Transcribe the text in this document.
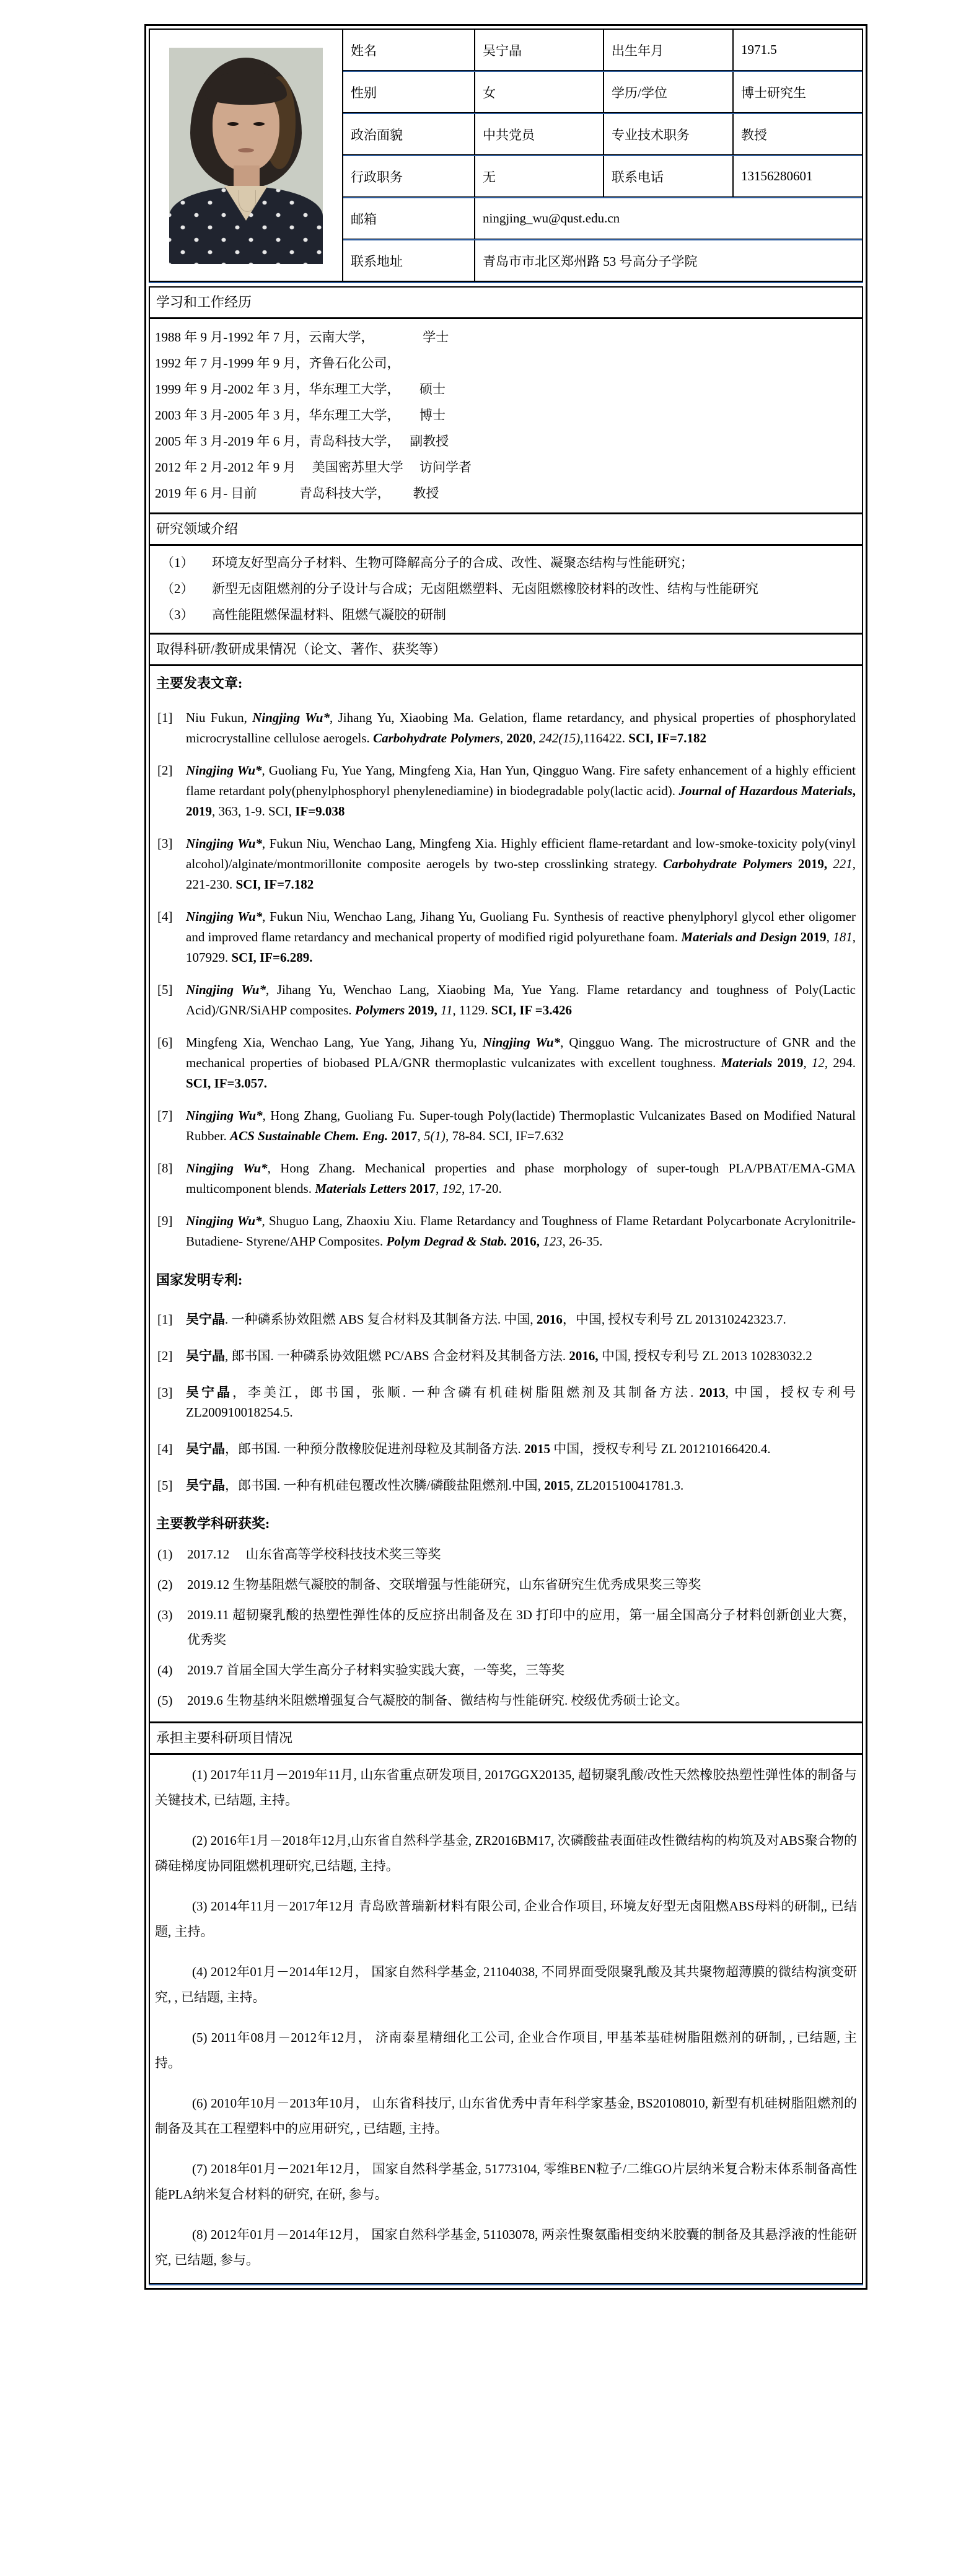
姓名	吴宁晶	出生年月	1971.5
性别	女	学历/学位	博士研究生
政治面貌	中共党员	专业技术职务	教授
行政职务	无	联系电话	13156280601
邮箱	ningjing_wu@qust.edu.cn
联系地址	青岛市市北区郑州路 53 号高分子学院
学习和工作经历
1988 年 9 月-1992 年 7 月，云南大学，　　　　 学士
1992 年 7 月-1999 年 9 月，齐鲁石化公司，
1999 年 9 月-2002 年 3 月，华东理工大学，　　硕士
2003 年 3 月-2005 年 3 月，华东理工大学，　　博士
2005 年 3 月-2019 年 6 月，青岛科技大学，　 副教授
2012 年 2 月-2012 年 9 月　 美国密苏里大学　 访问学者
2019 年 6 月- 目前　　　 青岛科技大学，　　 教授
研究领域介绍
（1） 环境友好型高分子材料、生物可降解高分子的合成、改性、凝聚态结构与性能研究；
（2） 新型无卤阻燃剂的分子设计与合成；无卤阻燃塑料、无卤阻燃橡胶材料的改性、结构与性能研究
（3） 高性能阻燃保温材料、阻燃气凝胶的研制
取得科研/教研成果情况（论文、著作、获奖等）
主要发表文章:
[1] Niu Fukun, Ningjing Wu*, Jihang Yu, Xiaobing Ma. Gelation, flame retardancy, and physical properties of phosphorylated microcrystalline cellulose aerogels. Carbohydrate Polymers, 2020, 242(15),116422. SCI, IF=7.182
[2] Ningjing Wu*, Guoliang Fu, Yue Yang, Mingfeng Xia, Han Yun, Qingguo Wang. Fire safety enhancement of a highly efficient flame retardant poly(phenylphosphoryl phenylenediamine) in biodegradable poly(lactic acid). Journal of Hazardous Materials, 2019, 363, 1-9. SCI, IF=9.038
[3] Ningjing Wu*, Fukun Niu, Wenchao Lang, Mingfeng Xia. Highly efficient flame-retardant and low-smoke-toxicity poly(vinyl alcohol)/alginate/montmorillonite composite aerogels by two-step crosslinking strategy. Carbohydrate Polymers 2019, 221, 221-230. SCI, IF=7.182
[4] Ningjing Wu*, Fukun Niu, Wenchao Lang, Jihang Yu, Guoliang Fu. Synthesis of reactive phenylphoryl glycol ether oligomer and improved flame retardancy and mechanical property of modified rigid polyurethane foam. Materials and Design 2019, 181, 107929. SCI, IF=6.289.
[5] Ningjing Wu*, Jihang Yu, Wenchao Lang, Xiaobing Ma, Yue Yang. Flame retardancy and toughness of Poly(Lactic Acid)/GNR/SiAHP composites. Polymers 2019, 11, 1129. SCI, IF =3.426
[6] Mingfeng Xia, Wenchao Lang, Yue Yang, Jihang Yu, Ningjing Wu*, Qingguo Wang. The microstructure of GNR and the mechanical properties of biobased PLA/GNR thermoplastic vulcanizates with excellent toughness. Materials 2019, 12, 294. SCI, IF=3.057.
[7] Ningjing Wu*, Hong Zhang, Guoliang Fu. Super-tough Poly(lactide) Thermoplastic Vulcanizates Based on Modified Natural Rubber. ACS Sustainable Chem. Eng. 2017, 5(1), 78-84. SCI, IF=7.632
[8] Ningjing Wu*, Hong Zhang. Mechanical properties and phase morphology of super-tough PLA/PBAT/EMA-GMA multicomponent blends. Materials Letters 2017, 192, 17-20.
[9] Ningjing Wu*, Shuguo Lang, Zhaoxiu Xiu. Flame Retardancy and Toughness of Flame Retardant Polycarbonate Acrylonitrile-Butadiene- Styrene/AHP Composites. Polym Degrad & Stab. 2016, 123, 26-35.
国家发明专利:
[1] 吴宁晶. 一种磷系协效阻燃 ABS 复合材料及其制备方法. 中国, 2016，中国, 授权专利号 ZL 201310242323.7.
[2] 吴宁晶, 郎书国. 一种磷系协效阻燃 PC/ABS 合金材料及其制备方法. 2016, 中国, 授权专利号 ZL 2013 10283032.2
[3] 吴宁晶，李美江，郎书国，张顺. 一种含磷有机硅树脂阻燃剂及其制备方法. 2013, 中国，授权专利号 ZL200910018254.5.
[4] 吴宁晶，郎书国. 一种预分散橡胶促进剂母粒及其制备方法. 2015 中国，授权专利号 ZL 201210166420.4.
[5] 吴宁晶，郎书国. 一种有机硅包覆改性次膦/磷酸盐阻燃剂.中国, 2015, ZL201510041781.3.
主要教学科研获奖:
(1) 2017.12　 山东省高等学校科技技术奖三等奖
(2) 2019.12 生物基阻燃气凝胶的制备、交联增强与性能研究，山东省研究生优秀成果奖三等奖
(3) 2019.11 超韧聚乳酸的热塑性弹性体的反应挤出制备及在 3D 打印中的应用，第一届全国高分子材料创新创业大赛， 优秀奖
(4) 2019.7 首届全国大学生高分子材料实验实践大赛，一等奖，三等奖
(5) 2019.6 生物基纳米阻燃增强复合气凝胶的制备、微结构与性能研究. 校级优秀硕士论文。
承担主要科研项目情况
(1) 2017年11月－2019年11月, 山东省重点研发项目, 2017GGX20135, 超韧聚乳酸/改性天然橡胶热塑性弹性体的制备与关键技术, 已结题, 主持。
(2) 2016年1月－2018年12月,山东省自然科学基金, ZR2016BM17, 次磷酸盐表面硅改性微结构的构筑及对ABS聚合物的磷硅梯度协同阻燃机理研究,已结题, 主持。
(3) 2014年11月－2017年12月 青岛欧普瑞新材料有限公司, 企业合作项目, 环境友好型无卤阻燃ABS母料的研制,, 已结题, 主持。
(4) 2012年01月－2014年12月， 国家自然科学基金, 21104038, 不同界面受限聚乳酸及其共聚物超薄膜的微结构演变研究, , 已结题, 主持。
(5) 2011年08月－2012年12月， 济南泰星精细化工公司, 企业合作项目, 甲基苯基硅树脂阻燃剂的研制, , 已结题, 主持。
(6) 2010年10月－2013年10月， 山东省科技厅, 山东省优秀中青年科学家基金, BS20108010, 新型有机硅树脂阻燃剂的制备及其在工程塑料中的应用研究, , 已结题, 主持。
(7) 2018年01月－2021年12月， 国家自然科学基金, 51773104, 零维BEN粒子/二维GO片层纳米复合粉末体系制备高性能PLA纳米复合材料的研究, 在研, 参与。
(8) 2012年01月－2014年12月， 国家自然科学基金, 51103078, 两亲性聚氨酯相变纳米胶囊的制备及其悬浮液的性能研究, 已结题, 参与。
